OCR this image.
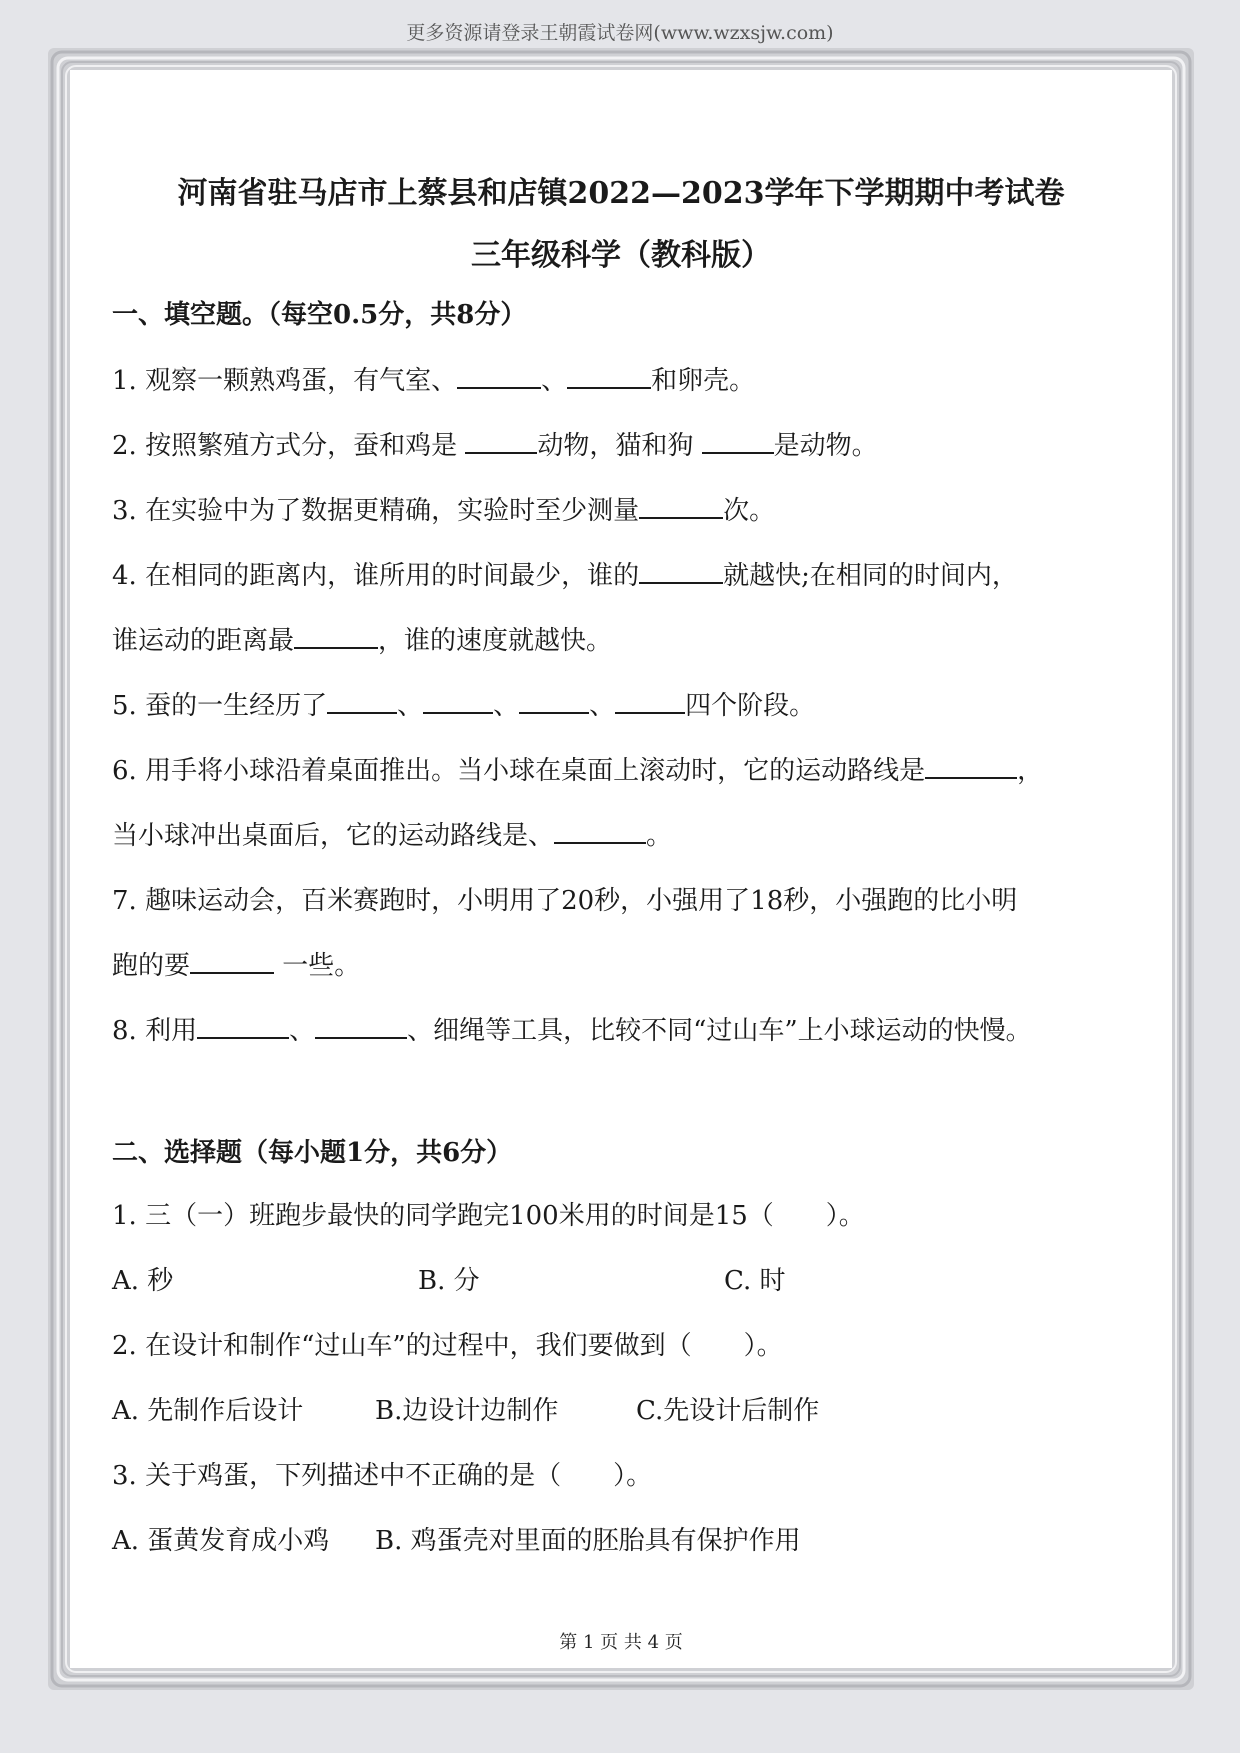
更多资源请登录王朝霞试卷网(www.wzxsjw.com)
河南省驻马店市上蔡县和店镇2022—2023学年下学期期中考试卷
三年级科学（教科版）
一、填空题。（每空0.5分，共8分）
1. 观察一颗熟鸡蛋，有气室、	、	和卵壳。
2. 按照繁殖方式分，蚕和鸡是	动物，猫和狗	是动物。
3. 在实验中为了数据更精确，实验时至少测量	次。
4. 在相同的距离内，谁所用的时间最少，谁的	就越快;在相同的时间内，
谁运动的距离最	，谁的速度就越快。
5. 蚕的一生经历了	、	、	、	四个阶段。
6. 用手将小球沿着桌面推出。当小球在桌面上滚动时，它的运动路线是	，
当小球冲出桌面后，它的运动路线是、	。
7. 趣味运动会，百米赛跑时，小明用了20秒，小强用了18秒，小强跑的比小明
跑的要	一些。
8. 利用	、	、细绳等工具，比较不同“过山车”上小球运动的快慢。
二、选择题（每小题1分，共6分）
1. 三（一）班跑步最快的同学跑完100米用的时间是15（　　）。
A. 秒	B. 分	C. 时
2. 在设计和制作“过山车”的过程中，我们要做到（　　）。
A. 先制作后设计	B.边设计边制作	C.先设计后制作
3. 关于鸡蛋，下列描述中不正确的是（　　）。
A. 蛋黄发育成小鸡 B. 鸡蛋壳对里面的胚胎具有保护作用
第 1 页 共 4 页
